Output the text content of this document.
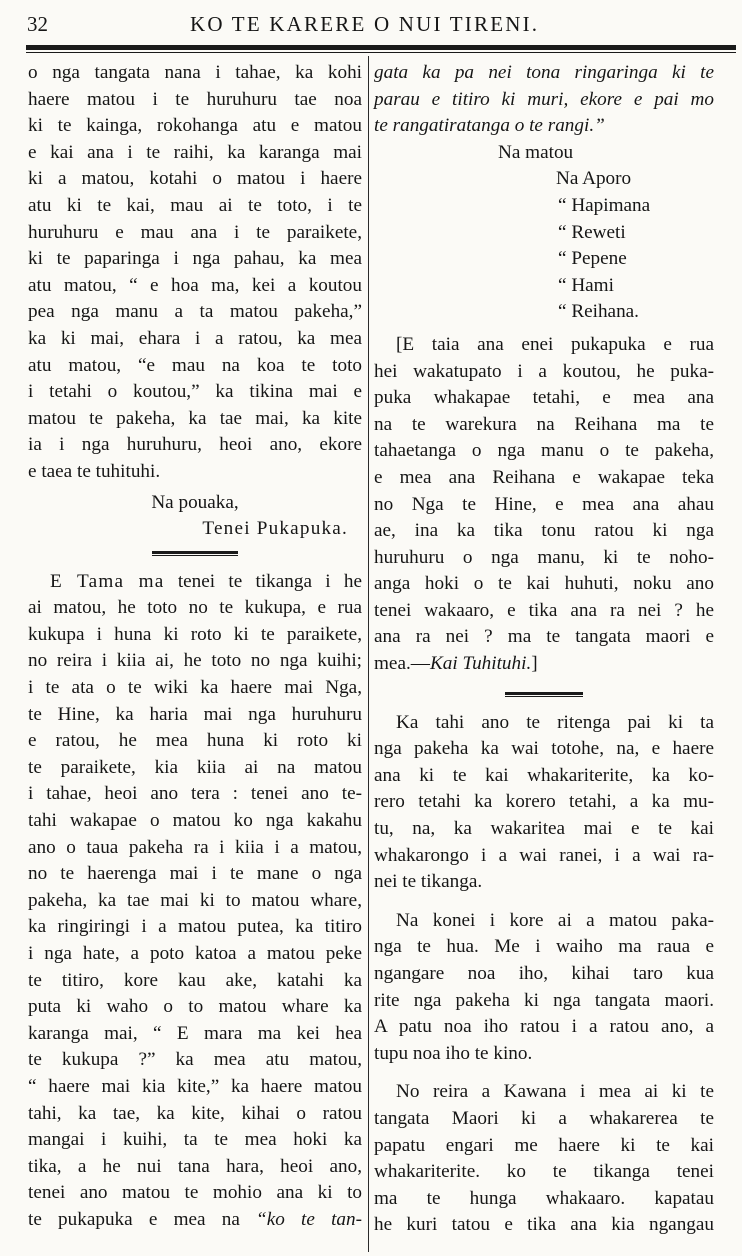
32	KO TE KARERE O NUI TIRENI.
o nga tangata nana i tahae, ka kohi
haere matou i te huruhuru tae noa
ki te kainga, rokohanga atu e matou
e kai ana i te raihi, ka karanga mai
ki a matou, kotahi o matou i haere
atu ki te kai, mau ai te toto, i te
huruhuru e mau ana i te paraikete,
ki te paparinga i nga pahau, ka mea
atu matou, “ e hoa ma, kei a koutou
pea nga manu a ta matou pakeha,”
ka ki mai, ehara i a ratou, ka mea
atu matou, “e mau na koa te toto
i tetahi o koutou,” ka tikina mai e
matou te pakeha, ka tae mai, ka kite
ia i nga huruhuru, heoi ano, ekore
e taea te tuhituhi.
Na pouaka,
Tenei Pukapuka.
E Tama ma tenei te tikanga i he
ai matou, he toto no te kukupa, e rua
kukupa i huna ki roto ki te paraikete,
no reira i kiia ai, he toto no nga kuihi;
i te ata o te wiki ka haere mai Nga,
te Hine, ka haria mai nga huruhuru
e ratou, he mea huna ki roto ki
te paraikete, kia kiia ai na matou
i tahae, heoi ano tera : tenei ano te-
tahi wakapae o matou ko nga kakahu
ano o taua pakeha ra i kiia i a matou,
no te haerenga mai i te mane o nga
pakeha, ka tae mai ki to matou whare,
ka ringiringi i a matou putea, ka titiro
i nga hate, a poto katoa a matou peke
te titiro, kore kau ake, katahi ka
puta ki waho o to matou whare ka
karanga mai, “ E mara ma kei hea
te kukupa ?” ka mea atu matou,
“ haere mai kia kite,” ka haere matou
tahi, ka tae, ka kite, kihai o ratou
mangai i kuihi, ta te mea hoki ka
tika, a he nui tana hara, heoi ano,
tenei ano matou te mohio ana ki to
te pukapuka e mea na “ko te tan-
gata ka pa nei tona ringaringa ki te
parau e titiro ki muri, ekore e pai mo
te rangatiratanga o te rangi.”
Na matou
Na Aporo
“ Hapimana
“ Reweti
“ Pepene
“ Hami
“ Reihana.
[E taia ana enei pukapuka e rua
hei wakatupato i a koutou, he puka-
puka whakapae tetahi, e mea ana
na te warekura na Reihana ma te
tahaetanga o nga manu o te pakeha,
e mea ana Reihana e wakapae teka
no Nga te Hine, e mea ana ahau
ae, ina ka tika tonu ratou ki nga
huruhuru o nga manu, ki te noho-
anga hoki o te kai huhuti, noku ano
tenei wakaaro, e tika ana ra nei ? he
ana ra nei ? ma te tangata maori e
mea.—Kai Tuhituhi.]
Ka tahi ano te ritenga pai ki ta
nga pakeha ka wai totohe, na, e haere
ana ki te kai whakariterite, ka ko-
rero tetahi ka korero tetahi, a ka mu-
tu, na, ka wakaritea mai e te kai
whakarongo i a wai ranei, i a wai ra-
nei te tikanga.
Na konei i kore ai a matou paka-
nga te hua. Me i waiho ma raua e
ngangare noa iho, kihai taro kua
rite nga pakeha ki nga tangata maori.
A patu noa iho ratou i a ratou ano, a
tupu noa iho te kino.
No reira a Kawana i mea ai ki te
tangata Maori ki a whakarerea te
papatu engari me haere ki te kai
whakariterite. ko te tikanga tenei
ma te hunga whakaaro. kapatau
he kuri tatou e tika ana kia ngangau
